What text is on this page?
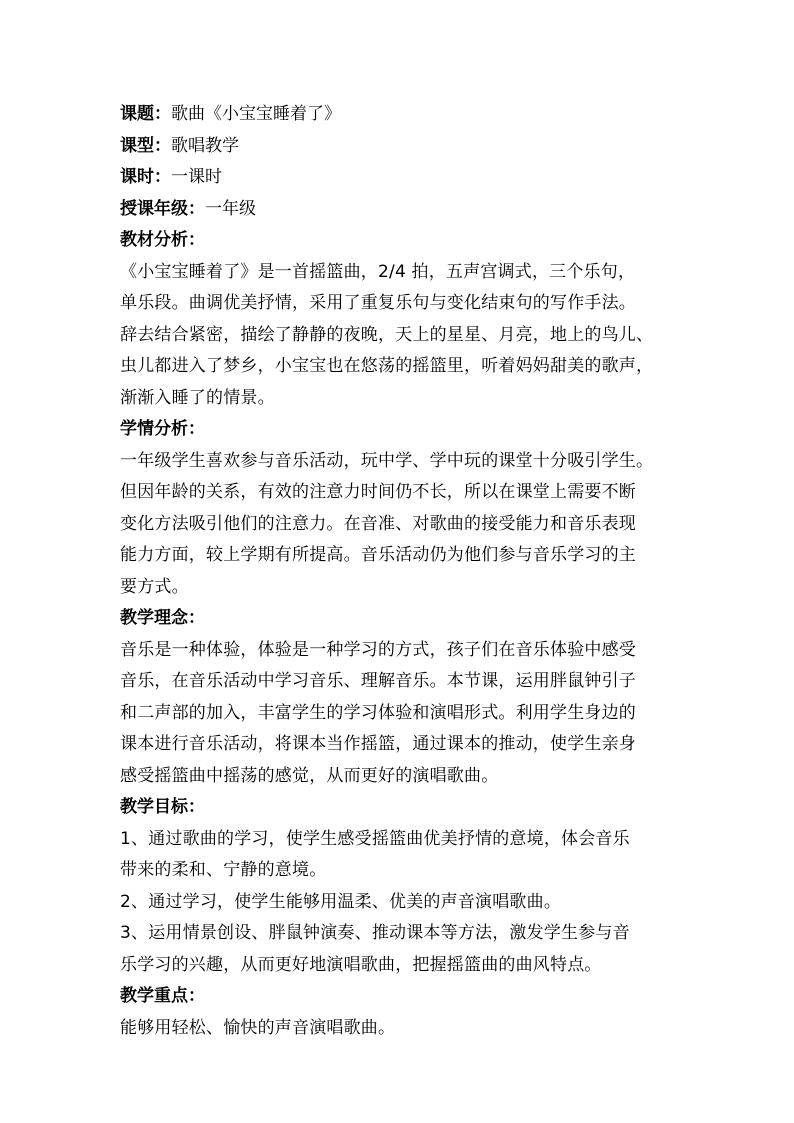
课题：歌曲《小宝宝睡着了》
课型：歌唱教学
课时：一课时
授课年级：一年级
教材分析：
《小宝宝睡着了》是一首摇篮曲，2/4 拍，五声宫调式，三个乐句，
单乐段。曲调优美抒情，采用了重复乐句与变化结束句的写作手法。
辞去结合紧密，描绘了静静的夜晚，天上的星星、月亮，地上的鸟儿、
虫儿都进入了梦乡，小宝宝也在悠荡的摇篮里，听着妈妈甜美的歌声，
渐渐入睡了的情景。
学情分析：
一年级学生喜欢参与音乐活动，玩中学、学中玩的课堂十分吸引学生。
但因年龄的关系，有效的注意力时间仍不长，所以在课堂上需要不断
变化方法吸引他们的注意力。在音准、对歌曲的接受能力和音乐表现
能力方面，较上学期有所提高。音乐活动仍为他们参与音乐学习的主
要方式。
教学理念：
音乐是一种体验，体验是一种学习的方式，孩子们在音乐体验中感受
音乐，在音乐活动中学习音乐、理解音乐。本节课，运用胖鼠钟引子
和二声部的加入，丰富学生的学习体验和演唱形式。利用学生身边的
课本进行音乐活动，将课本当作摇篮，通过课本的推动，使学生亲身
感受摇篮曲中摇荡的感觉，从而更好的演唱歌曲。
教学目标：
1、通过歌曲的学习，使学生感受摇篮曲优美抒情的意境，体会音乐
带来的柔和、宁静的意境。
2、通过学习，使学生能够用温柔、优美的声音演唱歌曲。
3、运用情景创设、胖鼠钟演奏、推动课本等方法，激发学生参与音
乐学习的兴趣，从而更好地演唱歌曲，把握摇篮曲的曲风特点。
教学重点：
能够用轻松、愉快的声音演唱歌曲。
